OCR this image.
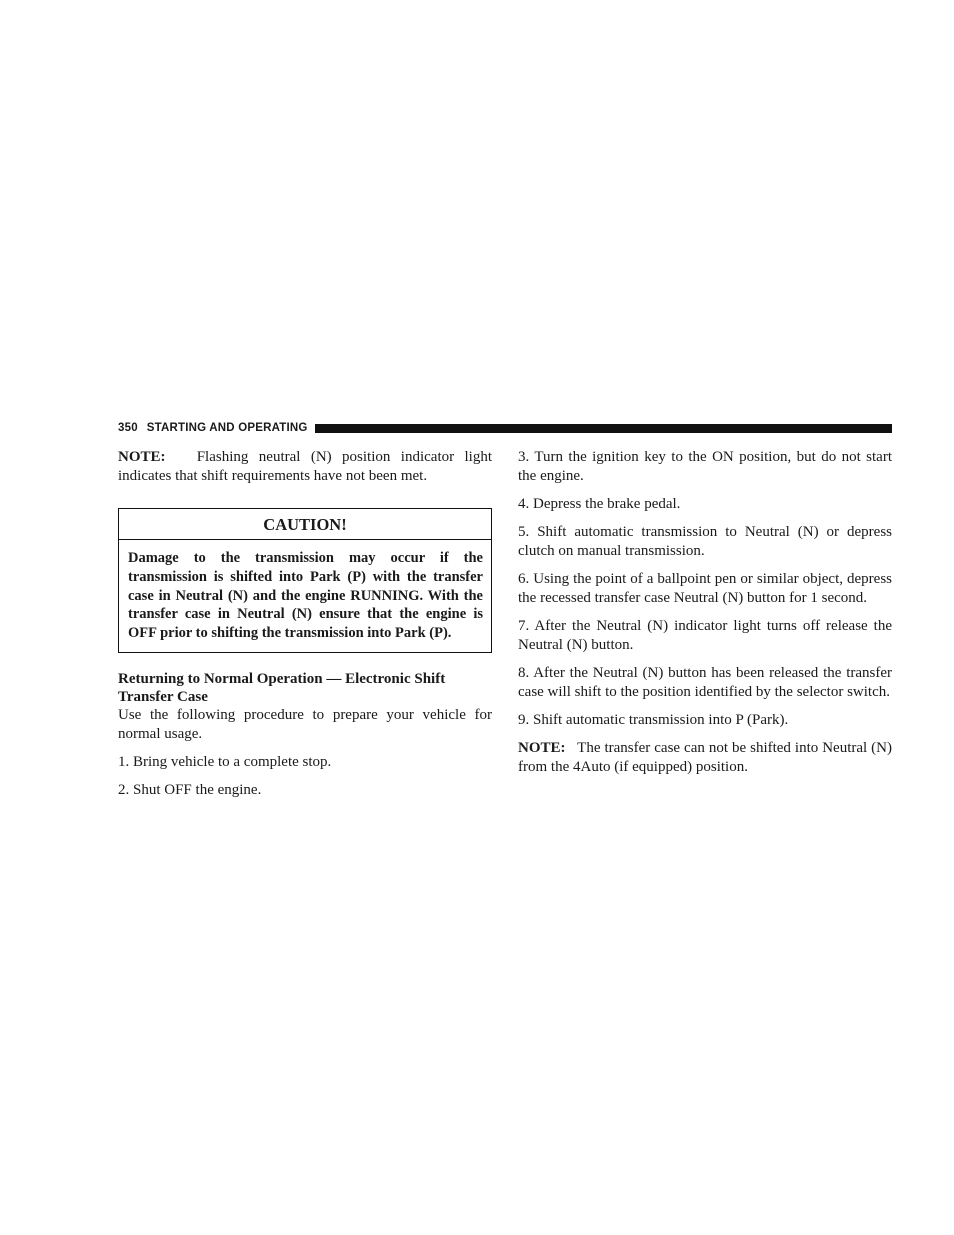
350 STARTING AND OPERATING

NOTE: Flashing neutral (N) position indicator light indicates that shift requirements have not been met.

CAUTION!
Damage to the transmission may occur if the transmission is shifted into Park (P) with the transfer case in Neutral (N) and the engine RUNNING. With the transfer case in Neutral (N) ensure that the engine is OFF prior to shifting the transmission into Park (P).

Returning to Normal Operation — Electronic Shift Transfer Case

Use the following procedure to prepare your vehicle for normal usage.

1. Bring vehicle to a complete stop.

2. Shut OFF the engine.

3. Turn the ignition key to the ON position, but do not start the engine.

4. Depress the brake pedal.

5. Shift automatic transmission to Neutral (N) or depress clutch on manual transmission.

6. Using the point of a ballpoint pen or similar object, depress the recessed transfer case Neutral (N) button for 1 second.

7. After the Neutral (N) indicator light turns off release the Neutral (N) button.

8. After the Neutral (N) button has been released the transfer case will shift to the position identified by the selector switch.

9. Shift automatic transmission into P (Park).

NOTE: The transfer case can not be shifted into Neutral (N) from the 4Auto (if equipped) position.
